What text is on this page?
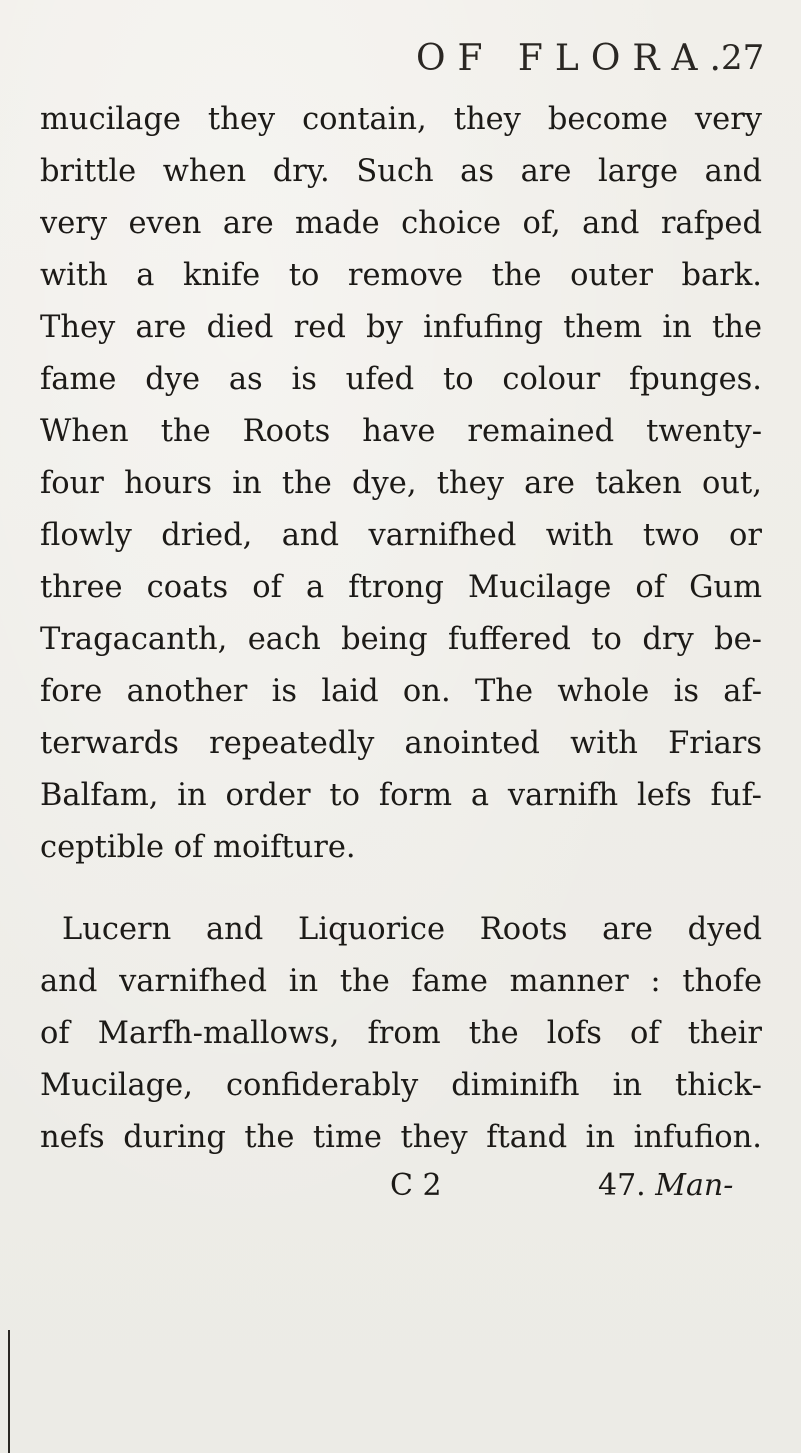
OF FLORA.
27
mucilage they contain, they become very
brittle when dry. Such as are large and
very even are made choice of, and rafped
with a knife to remove the outer bark.
They are died red by infufing them in the
fame dye as is ufed to colour fpunges.
When the Roots have remained twenty-
four hours in the dye, they are taken out,
flowly dried, and varnifhed with two or
three coats of a ftrong Mucilage of Gum
Tragacanth, each being fuffered to dry be-
fore another is laid on. The whole is af-
terwards repeatedly anointed with Friars
Balfam, in order to form a varnifh lefs fuf-
ceptible of moifture.
Lucern and Liquorice Roots are dyed
and varnifhed in the fame manner : thofe
of Marfh-mallows, from the lofs of their
Mucilage, confiderably diminifh in thick-
nefs during the time they ftand in infufion.
C 2	47. Man-
